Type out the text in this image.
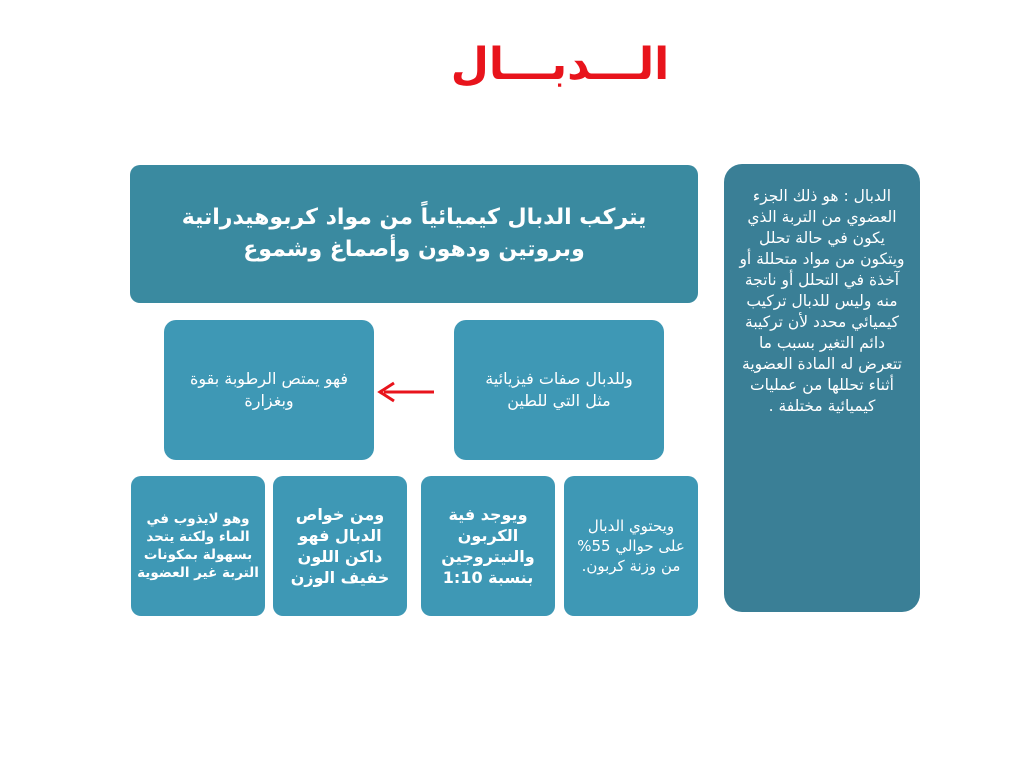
الـــدبـــال
يتركب الدبال كيميائياً من مواد كربوهيدراتية وبروتين ودهون وأصماغ وشموع
وللدبال صفات فيزيائية مثل التي للطين
فهو يمتص الرطوبة بقوة وبغزارة
وهو لايذوب في الماء ولكنة يتحد بسهولة بمكونات التربة غير العضوية
ومن خواص الدبال فهو داكن اللون خفيف الوزن
ويوجد فية الكربون والنيتروجين بنسبة 1:10
ويحتوي الدبال على حوالي 55% من وزنة كربون.
الدبال : هو ذلك الجزء العضوي من التربة الذي يكون في حالة تحلل ويتكون من مواد متحللة أو آخذة في التحلل أو ناتجة منه وليس للدبال تركيب كيميائي محدد لأن تركيبة دائم التغير بسبب ما تتعرض له المادة العضوية أثناء تحللها من عمليات كيميائية مختلفة .
